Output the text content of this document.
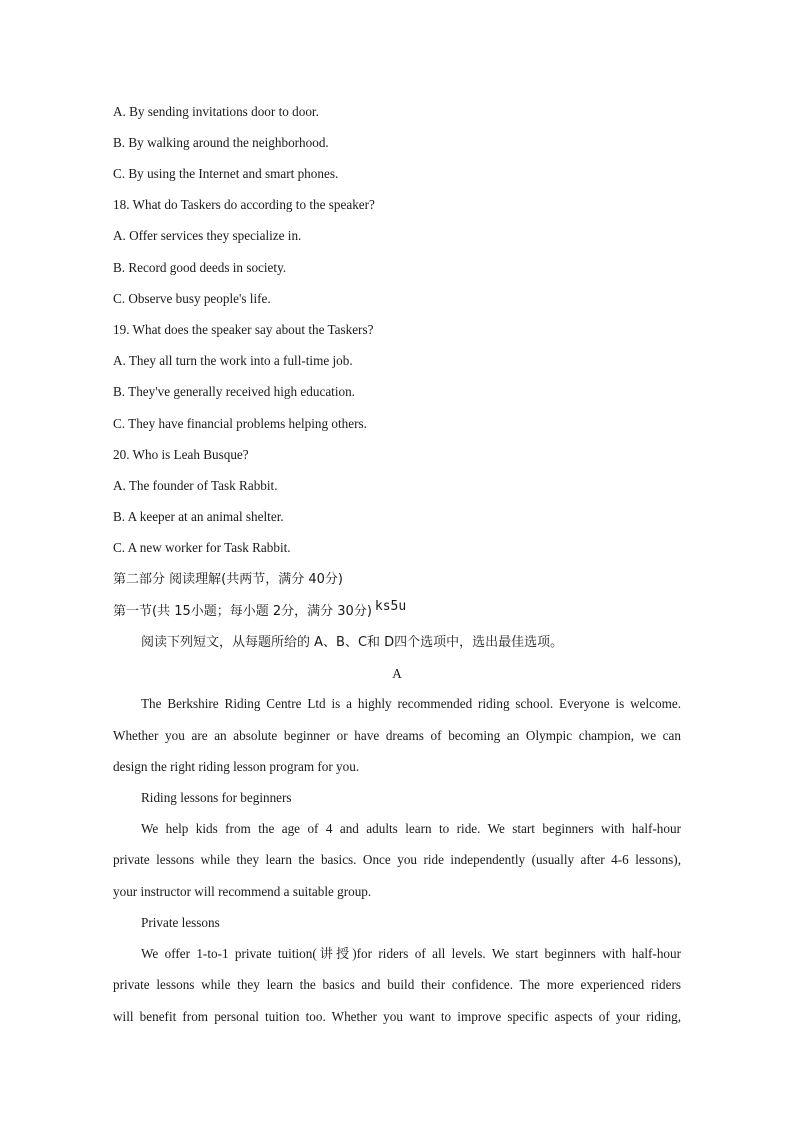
A. By sending invitations door to door.
B. By walking around the neighborhood.
C. By using the Internet and smart phones.
18. What do Taskers do according to the speaker?
A. Offer services they specialize in.
B. Record good deeds in society.
C. Observe busy people's life.
19. What does the speaker say about the Taskers?
A. They all turn the work into a full-time job.
B. They've generally received high education.
C. They have financial problems helping others.
20. Who is Leah Busque?
A. The founder of Task Rabbit.
B. A keeper at an animal shelter.
C. A new worker for Task Rabbit.
第二部分 阅读理解(共两节，满分 40分)
第一节(共 15小题；每小题 2分，满分 30分) ks5u
阅读下列短文，从每题所给的 A、B、C和 D四个选项中，选出最佳选项。
A
The Berkshire Riding Centre Ltd is a highly recommended riding school. Everyone is welcome.
Whether you are an absolute beginner or have dreams of becoming an Olympic champion, we can
design the right riding lesson program for you.
Riding lessons for beginners
We help kids from the age of 4 and adults learn to ride. We start beginners with half-hour
private lessons while they learn the basics. Once you ride independently (usually after 4-6 lessons),
your instructor will recommend a suitable group.
Private lessons
We offer 1-to-1 private tuition(讲授)for riders of all levels. We start beginners with half-hour
private lessons while they learn the basics and build their confidence. The more experienced riders
will benefit from personal tuition too. Whether you want to improve specific aspects of your riding,
